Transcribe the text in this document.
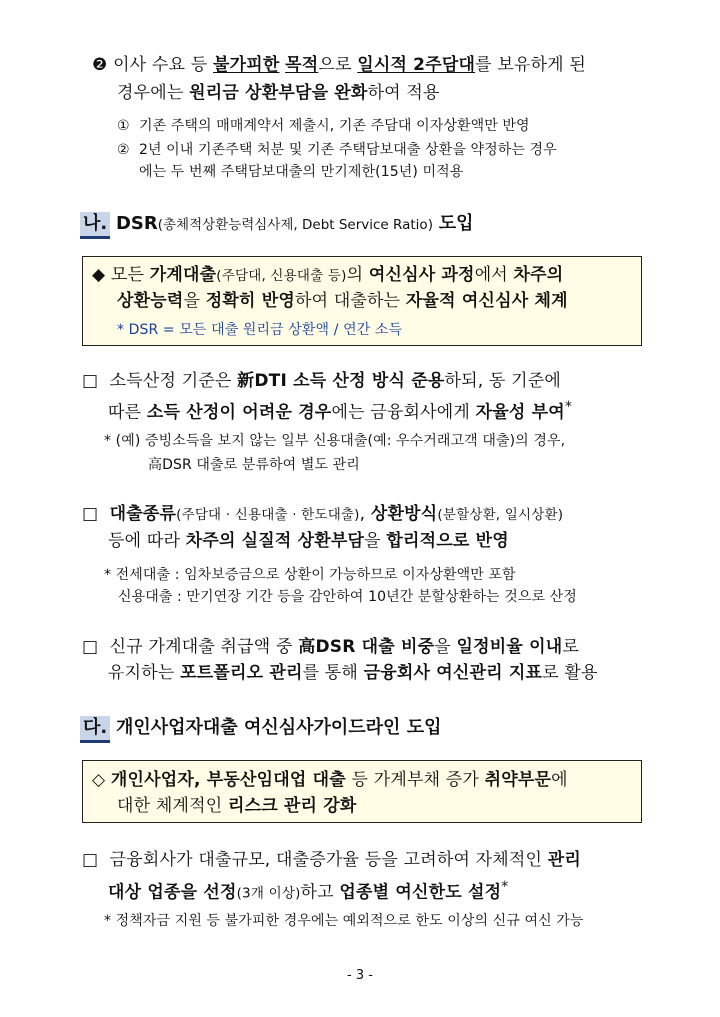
❷ 이사 수요 등 불가피한 목적으로 일시적 2주담대를 보유하게 된
경우에는 원리금 상환부담을 완화하여 적용
① 기존 주택의 매매계약서 제출시, 기존 주담대 이자상환액만 반영
② 2년 이내 기존주택 처분 및 기존 주택담보대출 상환을 약정하는 경우
에는 두 번째 주택담보대출의 만기제한(15년) 미적용
나. DSR(총체적상환능력심사제, Debt Service Ratio) 도입
◆ 모든 가계대출(주담대, 신용대출 등)의 여신심사 과정에서 차주의
상환능력을 정확히 반영하여 대출하는 자율적 여신심사 체계
* DSR = 모든 대출 원리금 상환액 / 연간 소득
□ 소득산정 기준은 新DTI 소득 산정 방식 준용하되, 동 기준에
따른 소득 산정이 어려운 경우에는 금융회사에게 자율성 부여*
* (예) 증빙소득을 보지 않는 일부 신용대출(예: 우수거래고객 대출)의 경우,
高DSR 대출로 분류하여 별도 관리
□ 대출종류(주담대 · 신용대출 · 한도대출), 상환방식(분할상환, 일시상환)
등에 따라 차주의 실질적 상환부담을 합리적으로 반영
* 전세대출 : 임차보증금으로 상환이 가능하므로 이자상환액만 포함
신용대출 : 만기연장 기간 등을 감안하여 10년간 분할상환하는 것으로 산정
□ 신규 가계대출 취급액 중 高DSR 대출 비중을 일정비율 이내로
유지하는 포트폴리오 관리를 통해 금융회사 여신관리 지표로 활용
다. 개인사업자대출 여신심사가이드라인 도입
◇ 개인사업자, 부동산임대업 대출 등 가계부채 증가 취약부문에
대한 체계적인 리스크 관리 강화
□ 금융회사가 대출규모, 대출증가율 등을 고려하여 자체적인 관리
대상 업종을 선정(3개 이상)하고 업종별 여신한도 설정*
* 정책자금 지원 등 불가피한 경우에는 예외적으로 한도 이상의 신규 여신 가능
- 3 -
